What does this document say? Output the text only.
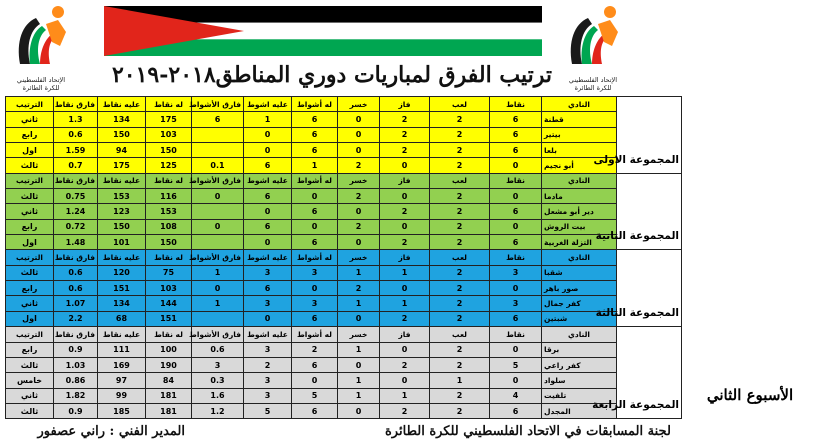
الإتحاد الفلسطيني
للكرة الطائرة
الإتحاد الفلسطيني
للكرة الطائرة
ترتيب الفرق لمباريات دوري المناطق٢٠١٨-٢٠١٩
المجموعة الاولى	النادي	نقاط	لعب	فاز	خسر	له أشواط	عليه اشوط	فارق الأشواط	له نقاط	عليه نقاط	فارق نقاط	الترتيب
	قطنة	6	2	2	0	6	1	6	175	134	1.3	ثاني
	بيتير	6	2	2	0	6	0		103	150	0.6	رابع
	بلعا	6	2	2	0	6	0		150	94	1.59	اول
	أبو نجيم	0	2	0	2	1	6	0.1	125	175	0.7	ثالث
المجموعة الثانية	النادي	نقاط	لعب	فاز	خسر	له أشواط	عليه اشوط	فارق الأشواط	له نقاط	عليه نقاط	فارق نقاط	الترتيب
	مادما	0	2	0	2	0	6	0	116	153	0.75	ثالث
	دير أبو مشعل	6	2	2	0	6	0		153	123	1.24	ثاني
	بيت الروش	0	2	0	2	0	6	0	108	150	0.72	رابع
	التزلة الغربية	6	2	2	0	6	0		150	101	1.48	اول
المجموعة الثالثة	النادي	نقاط	لعب	فاز	خسر	له أشواط	عليه اشوط	فارق الأشواط	له نقاط	عليه نقاط	فارق نقاط	الترتيب
	شقبا	3	2	1	1	3	3	1	75	120	0.6	ثالث
	صور باهر	0	2	0	2	0	6	0	103	151	0.6	رابع
	كفر جمال	3	2	1	1	3	3	1	144	134	1.07	ثاني
	شبتين	6	2	2	0	6	0		151	68	2.2	اول
المجموعة الرابعة	النادي	نقاط	لعب	فاز	خسر	له أشواط	عليه اشوط	فارق الأشواط	له نقاط	عليه نقاط	فارق نقاط	الترتيب
	برقا	0	2	0	1	2	3	0.6	100	111	0.9	رابع
	كفر راعي	5	2	2	0	6	2	3	190	169	1.03	ثالث
	سلواد	0	1	0	1	0	3	0.3	84	97	0.86	خامس
	تلفيت	4	2	1	1	5	3	1.6	181	99	1.82	ثاني
	المجدل	6	2	2	0	6	5	1.2	181	185	0.9	ثالث
الأسبوع الثاني
لجنة المسابقات في الاتحاد الفلسطيني للكرة الطائرة
المدير الفني : راني عصفور
